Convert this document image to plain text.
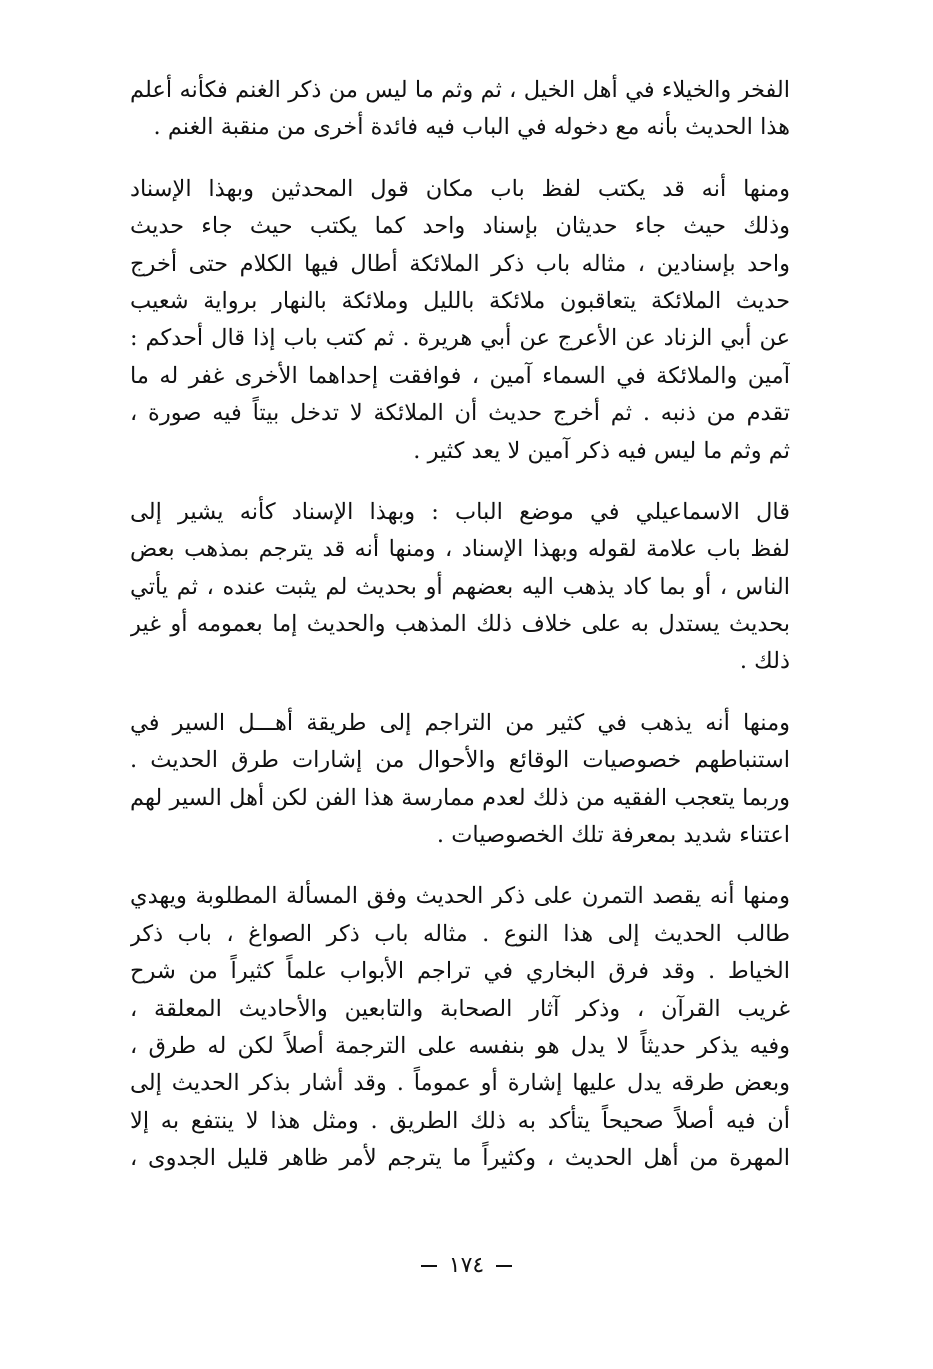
الفخر والخيلاء في أهل الخيل ، ثم وثم ما ليس من ذكر الغنم فكأنه أعلم
هذا الحديث بأنه مع دخوله في الباب فيه فائدة أخرى من منقبة الغنم .
ومنها أنه قد يكتب لفظ باب مكان قول المحدثين وبهذا الإسناد
وذلك حيث جاء حديثان بإسناد واحد كما يكتب حيث جاء حديث
واحد بإسنادين ، مثاله باب ذكر الملائكة أطال فيها الكلام حتى أخرج
حديث الملائكة يتعاقبون ملائكة بالليل وملائكة بالنهار برواية شعيب
عن أبي الزناد عن الأعرج عن أبي هريرة . ثم كتب باب إذا قال أحدكم :
آمين والملائكة في السماء آمين ، فوافقت إحداهما الأخرى غفر له ما
تقدم من ذنبه . ثم أخرج حديث أن الملائكة لا تدخل بيتاً فيه صورة ،
ثم وثم ما ليس فيه ذكر آمين لا يعد كثير .
قال الاسماعيلي في موضع الباب : وبهذا الإسناد كأنه يشير إلى
لفظ باب علامة لقوله وبهذا الإسناد ، ومنها أنه قد يترجم بمذهب بعض
الناس ، أو بما كاد يذهب اليه بعضهم أو بحديث لم يثبت عنده ، ثم يأتي
بحديث يستدل به على خلاف ذلك المذهب والحديث إما بعمومه أو غير
ذلك .
ومنها أنه يذهب في كثير من التراجم إلى طريقة أهـــل السير في
استنباطهم خصوصيات الوقائع والأحوال من إشارات طرق الحديث .
وربما يتعجب الفقيه من ذلك لعدم ممارسة هذا الفن لكن أهل السير لهم
اعتناء شديد بمعرفة تلك الخصوصيات .
ومنها أنه يقصد التمرن على ذكر الحديث وفق المسألة المطلوبة ويهدي
طالب الحديث إلى هذا النوع . مثاله باب ذكر الصواغ ، باب ذكر
الخياط . وقد فرق البخاري في تراجم الأبواب علماً كثيراً من شرح
غريب القرآن ، وذكر آثار الصحابة والتابعين والأحاديث المعلقة ،
وفيه يذكر حديثاً لا يدل هو بنفسه على الترجمة أصلاً لكن له طرق ،
وبعض طرقه يدل عليها إشارة أو عموماً . وقد أشار بذكر الحديث إلى
أن فيه أصلاً صحيحاً يتأكد به ذلك الطريق . ومثل هذا لا ينتفع به إلا
المهرة من أهل الحديث ، وكثيراً ما يترجم لأمر ظاهر قليل الجدوى ،
١٧٤
